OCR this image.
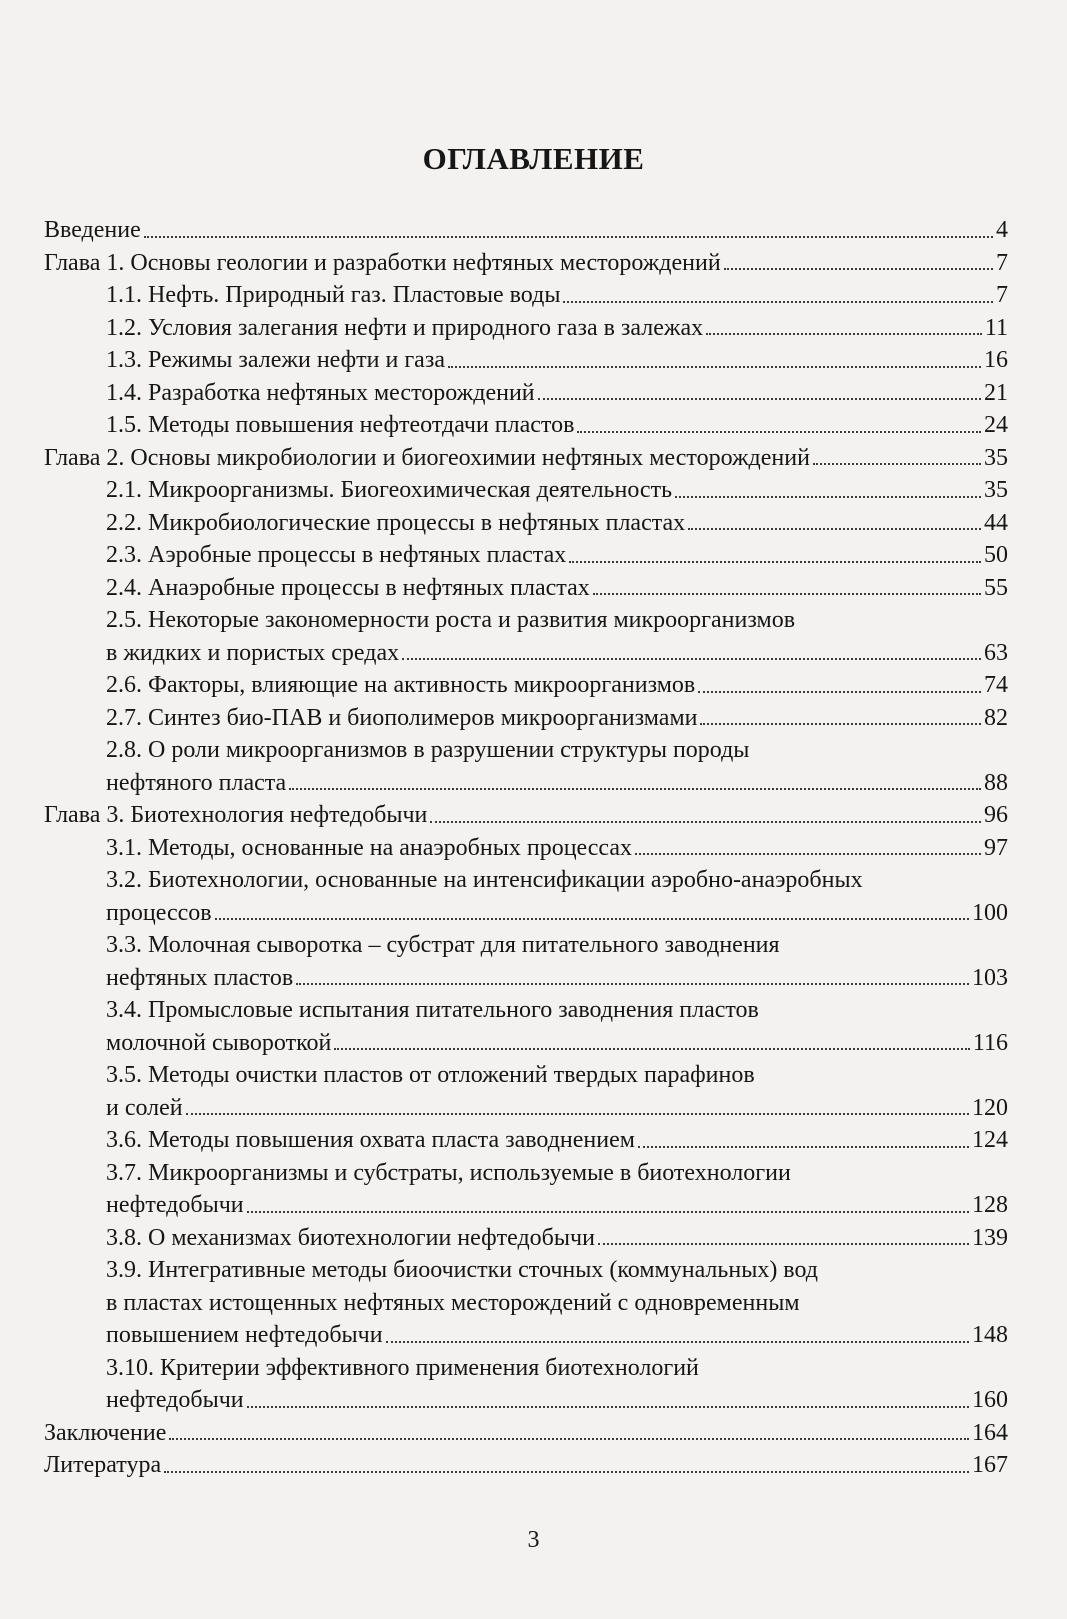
ОГЛАВЛЕНИЕ
Введение	4
Глава 1. Основы геологии и разработки нефтяных месторождений	7
1.1. Нефть. Природный газ. Пластовые воды	7
1.2. Условия залегания нефти и природного газа в залежах	11
1.3. Режимы залежи нефти и газа	16
1.4. Разработка нефтяных месторождений	21
1.5. Методы повышения нефтеотдачи пластов	24
Глава 2. Основы микробиологии и биогеохимии нефтяных месторождений	35
2.1. Микроорганизмы. Биогеохимическая деятельность	35
2.2. Микробиологические процессы в нефтяных пластах	44
2.3. Аэробные процессы в нефтяных пластах	50
2.4. Анаэробные процессы в нефтяных пластах	55
2.5. Некоторые закономерности роста и развития микроорганизмов
в жидких и пористых средах	63
2.6. Факторы, влияющие на активность микроорганизмов	74
2.7. Синтез био-ПАВ и биополимеров микроорганизмами	82
2.8. О роли микроорганизмов в разрушении структуры породы
нефтяного пласта	88
Глава 3. Биотехнология нефтедобычи	96
3.1. Методы, основанные на анаэробных процессах	97
3.2. Биотехнологии, основанные на интенсификации аэробно-анаэробных
процессов	100
3.3. Молочная сыворотка – субстрат для питательного заводнения
нефтяных пластов	103
3.4. Промысловые испытания питательного заводнения пластов
молочной сывороткой	116
3.5. Методы очистки пластов от отложений твердых парафинов
и солей	120
3.6. Методы повышения охвата пласта заводнением	124
3.7. Микроорганизмы и субстраты, используемые в биотехнологии
нефтедобычи	128
3.8. О механизмах биотехнологии нефтедобычи	139
3.9. Интегративные методы биоочистки сточных (коммунальных) вод
в пластах истощенных нефтяных месторождений с одновременным
повышением нефтедобычи	148
3.10. Критерии эффективного применения биотехнологий
нефтедобычи	160
Заключение	164
Литература	167
3
